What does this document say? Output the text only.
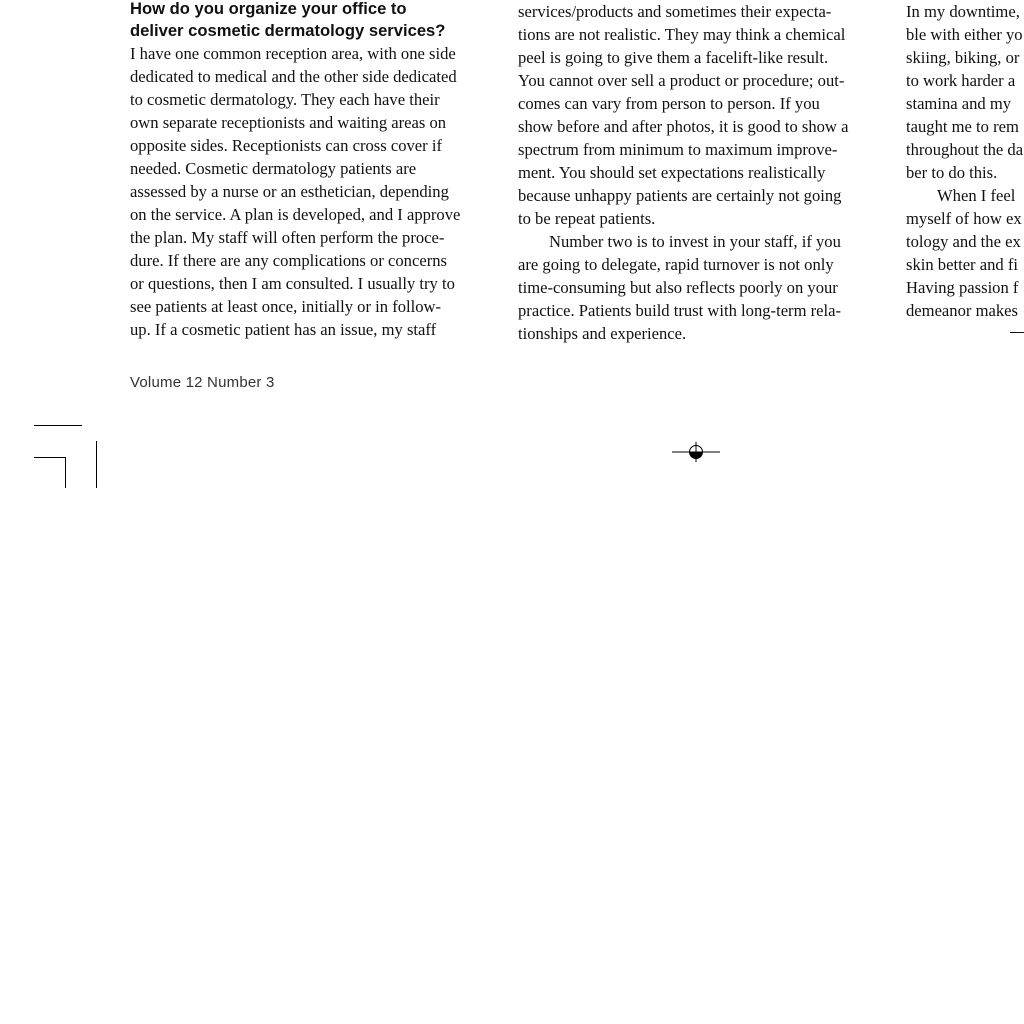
How do you organize your office to
deliver cosmetic dermatology services?
I have one common reception area, with one side
dedicated to medical and the other side dedicated
to cosmetic dermatology. They each have their
own separate receptionists and waiting areas on
opposite sides. Receptionists can cross cover if
needed. Cosmetic dermatology patients are
assessed by a nurse or an esthetician, depending
on the service. A plan is developed, and I approve
the plan. My staff will often perform the proce-
dure. If there are any complications or concerns
or questions, then I am consulted. I usually try to
see patients at least once, initially or in follow-
up. If a cosmetic patient has an issue, my staff
services/products and sometimes their expecta-
tions are not realistic. They may think a chemical
peel is going to give them a facelift-like result.
You cannot over sell a product or procedure; out-
comes can vary from person to person. If you
show before and after photos, it is good to show a
spectrum from minimum to maximum improve-
ment. You should set expectations realistically
because unhappy patients are certainly not going
to be repeat patients.
Number two is to invest in your staff, if you
are going to delegate, rapid turnover is not only
time-consuming but also reflects poorly on your
practice. Patients build trust with long-term rela-
tionships and experience.
In my downtime,
ble with either yo
skiing, biking, or
to work harder a
stamina and my
taught me to rem
throughout the da
ber to do this.
When I feel
myself of how ex
tology and the ex
skin better and fi
Having passion f
demeanor makes
Volume 12 Number 3
